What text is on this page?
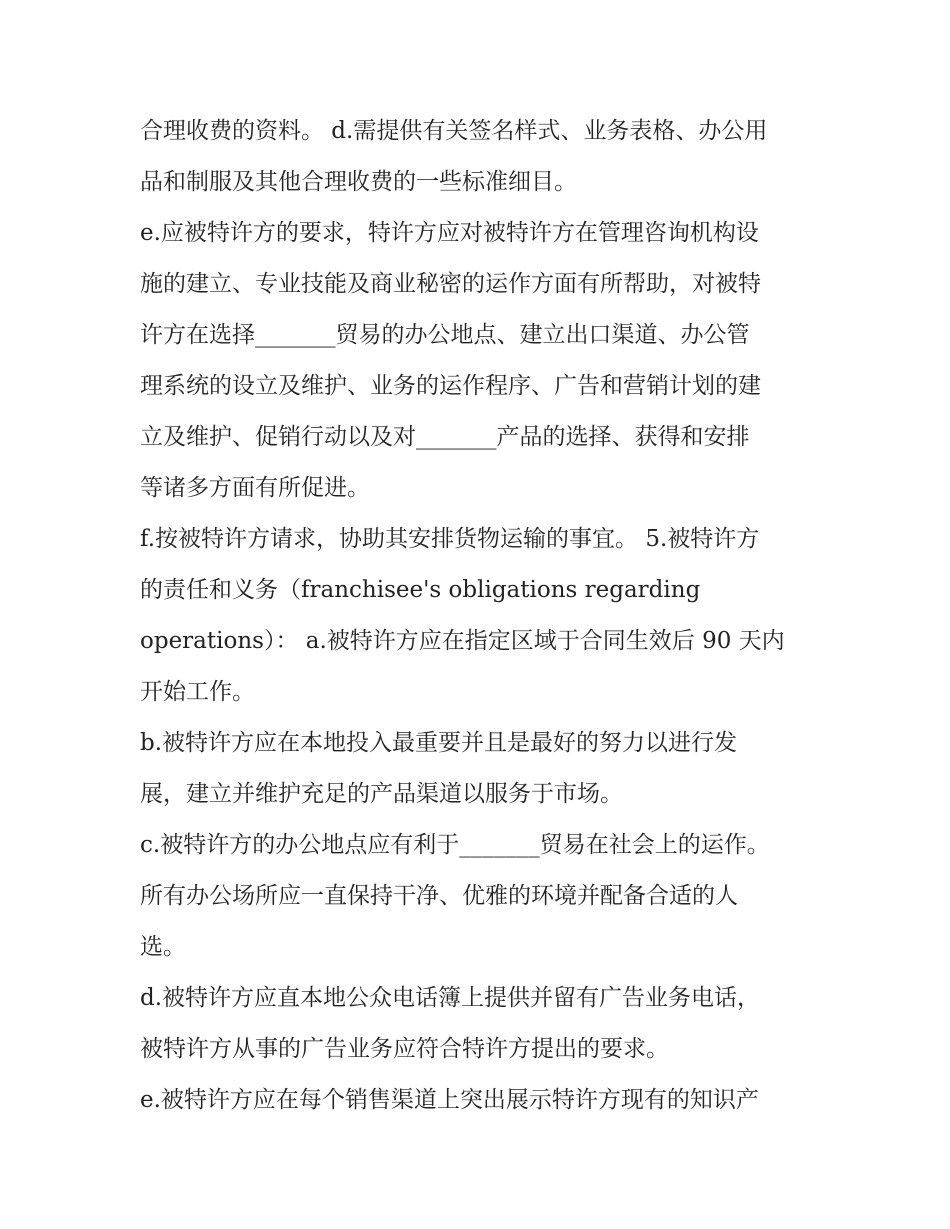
合理收费的资料。 d.需提供有关签名样式、业务表格、办公用
品和制服及其他合理收费的一些标准细目。
e.应被特许方的要求，特许方应对被特许方在管理咨询机构设
施的建立、专业技能及商业秘密的运作方面有所帮助，对被特
许方在选择_______贸易的办公地点、建立出口渠道、办公管
理系统的设立及维护、业务的运作程序、广告和营销计划的建
立及维护、促销行动以及对_______产品的选择、获得和安排
等诸多方面有所促进。
f.按被特许方请求，协助其安排货物运输的事宜。 5.被特许方
的责任和义务（franchisee's obligations regarding
operations）： a.被特许方应在指定区域于合同生效后 90 天内
开始工作。
b.被特许方应在本地投入最重要并且是最好的努力以进行发
展，建立并维护充足的产品渠道以服务于市场。
c.被特许方的办公地点应有利于_______贸易在社会上的运作。
所有办公场所应一直保持干净、优雅的环境并配备合适的人
选。
d.被特许方应直本地公众电话簿上提供并留有广告业务电话，
被特许方从事的广告业务应符合特许方提出的要求。
e.被特许方应在每个销售渠道上突出展示特许方现有的知识产
